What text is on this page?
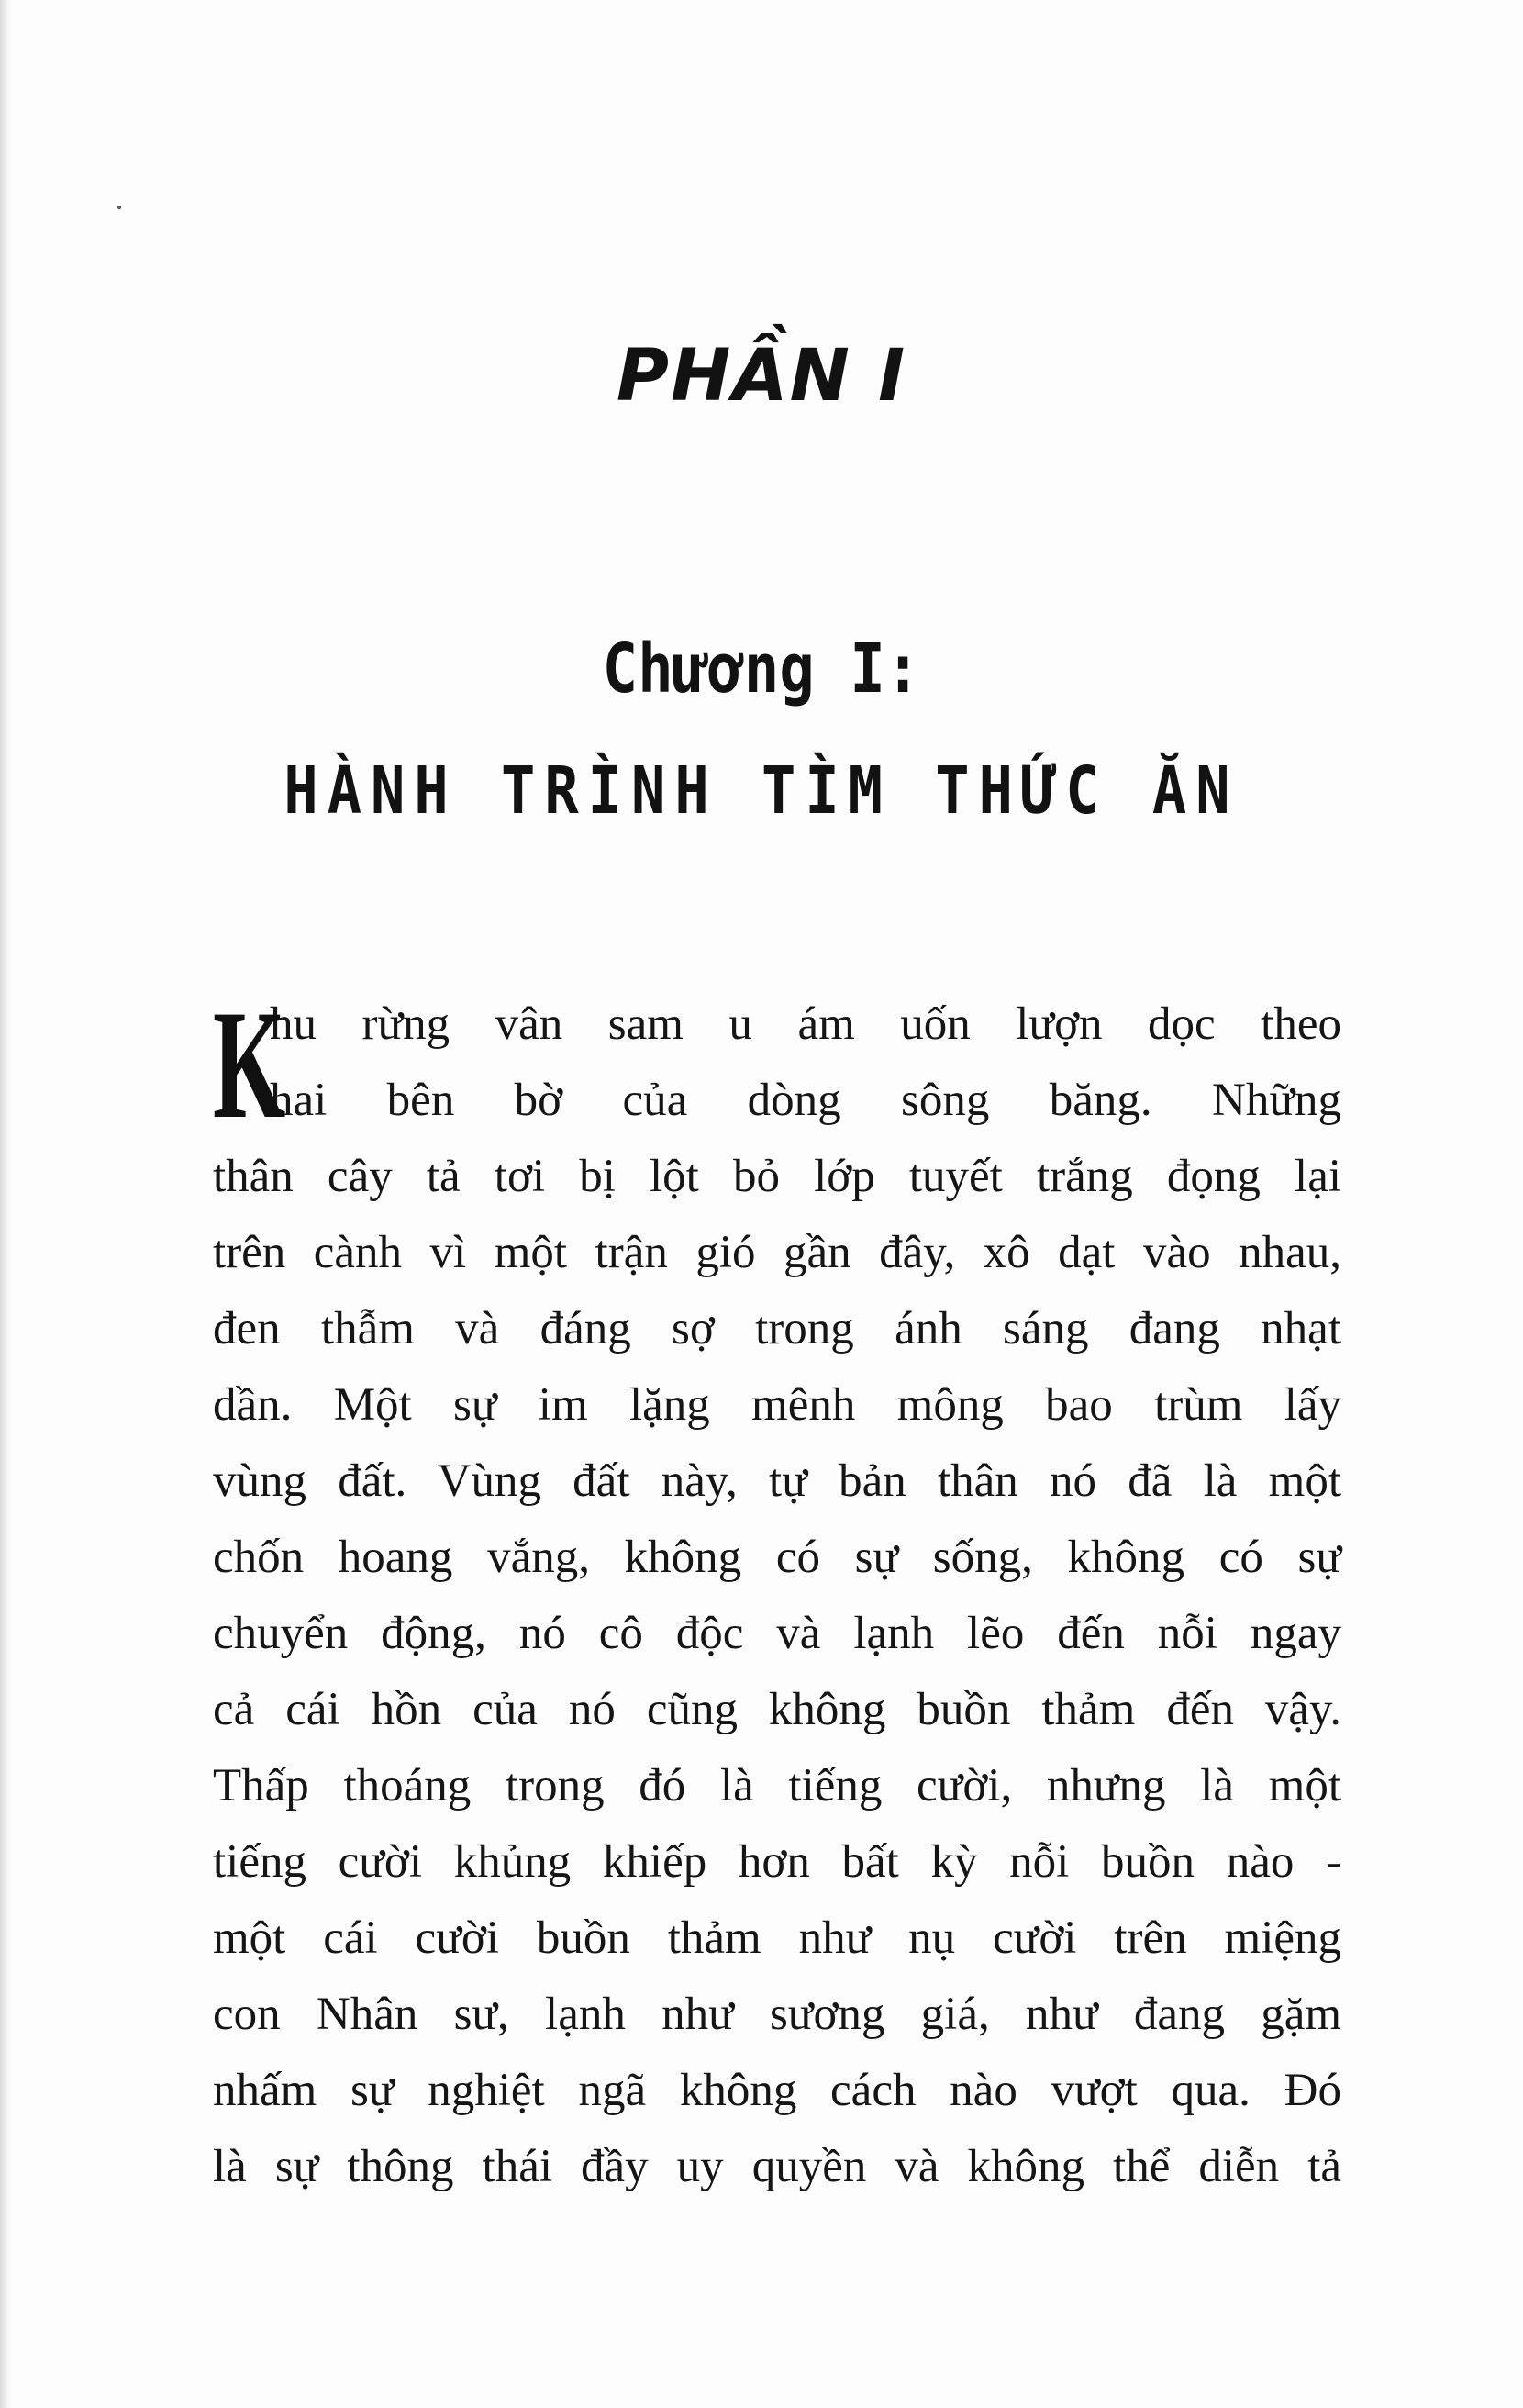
PHẦN I
Chương I:
HÀNH TRÌNH TÌM THỨC ĂN
K
hu rừng vân sam u ám uốn lượn dọc theo
hai bên bờ của dòng sông băng. Những
thân cây tả tơi bị lột bỏ lớp tuyết trắng đọng lại
trên cành vì một trận gió gần đây, xô dạt vào nhau,
đen thẫm và đáng sợ trong ánh sáng đang nhạt
dần. Một sự im lặng mênh mông bao trùm lấy
vùng đất. Vùng đất này, tự bản thân nó đã là một
chốn hoang vắng, không có sự sống, không có sự
chuyển động, nó cô độc và lạnh lẽo đến nỗi ngay
cả cái hồn của nó cũng không buồn thảm đến vậy.
Thấp thoáng trong đó là tiếng cười, nhưng là một
tiếng cười khủng khiếp hơn bất kỳ nỗi buồn nào -
một cái cười buồn thảm như nụ cười trên miệng
con Nhân sư, lạnh như sương giá, như đang gặm
nhấm sự nghiệt ngã không cách nào vượt qua. Đó
là sự thông thái đầy uy quyền và không thể diễn tả
